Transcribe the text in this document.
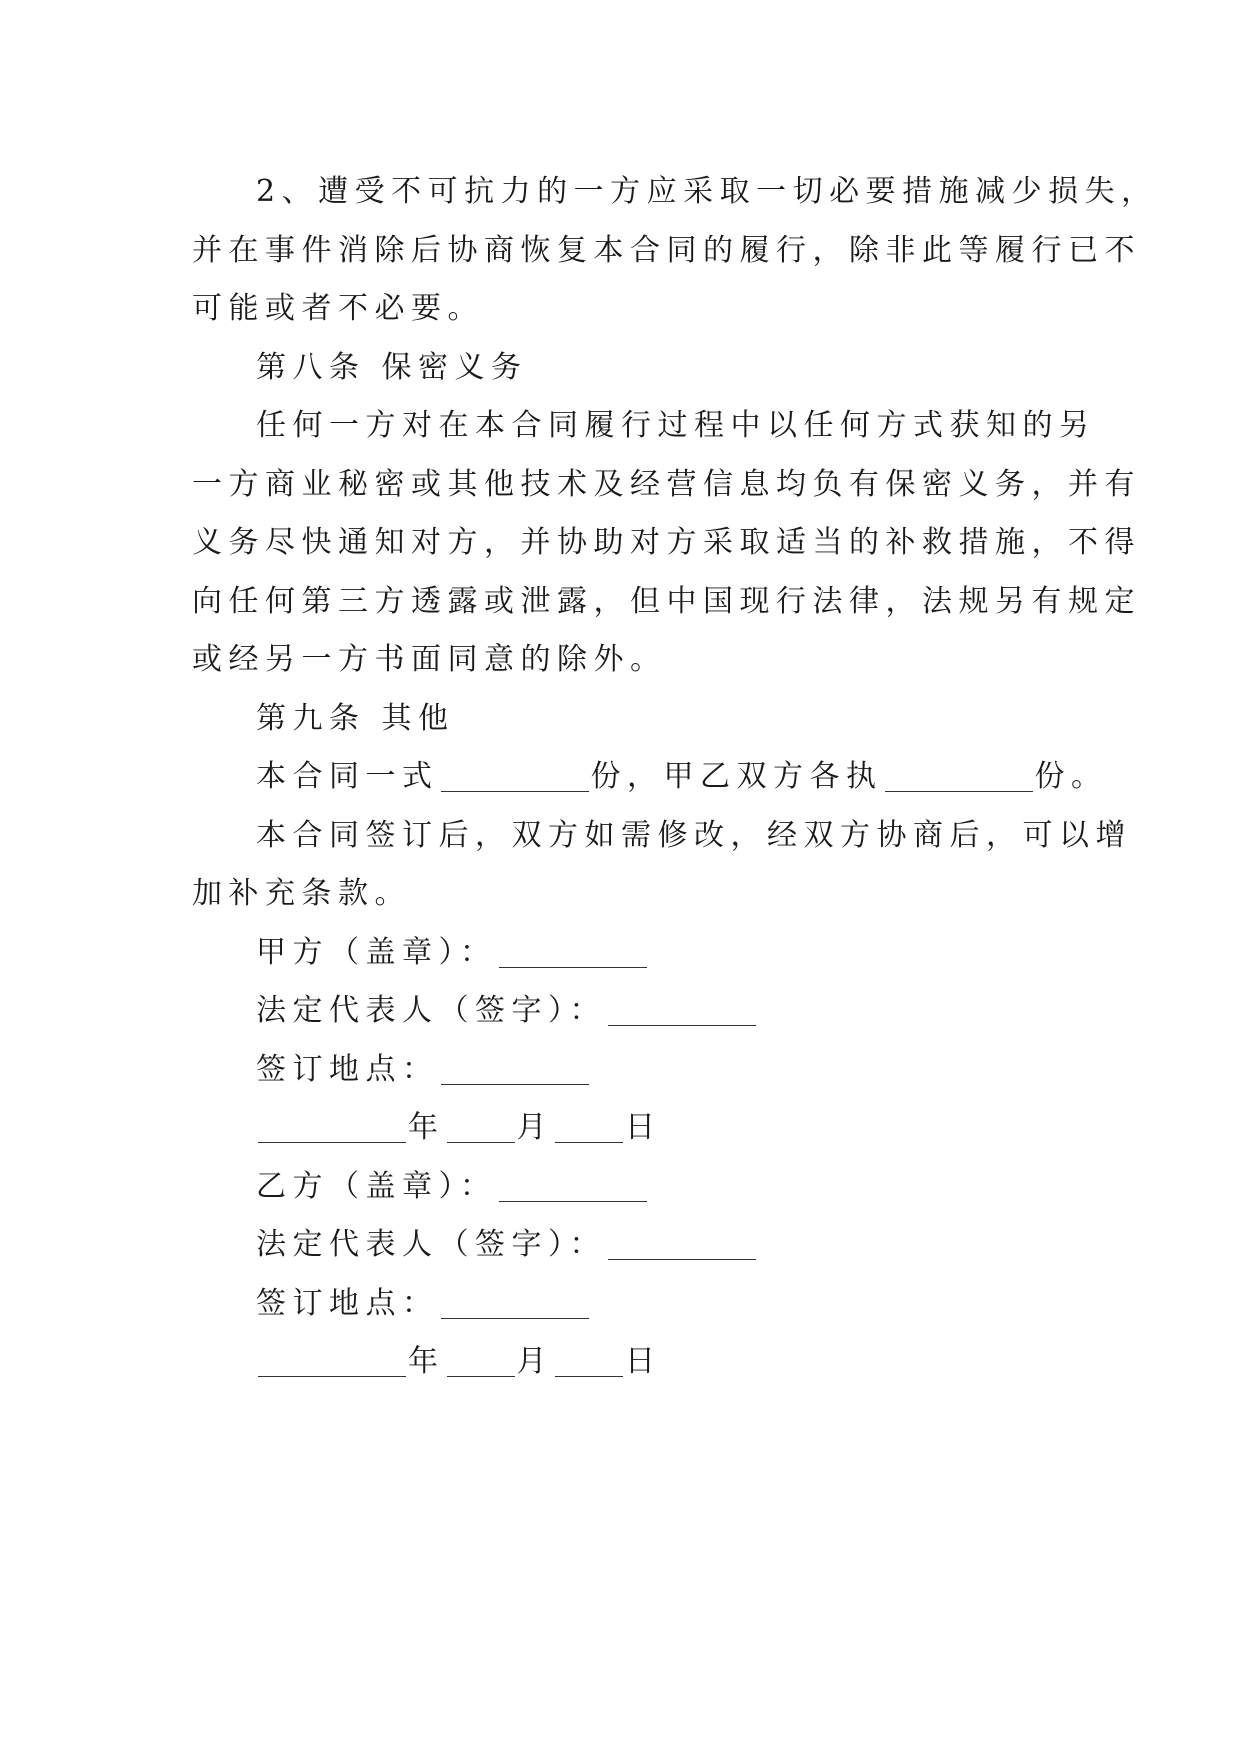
2、遭受不可抗力的一方应采取一切必要措施减少损失，
并在事件消除后协商恢复本合同的履行，除非此等履行已不
可能或者不必要。
第八条 保密义务
任何一方对在本合同履行过程中以任何方式获知的另
一方商业秘密或其他技术及经营信息均负有保密义务，并有
义务尽快通知对方，并协助对方采取适当的补救措施，不得
向任何第三方透露或泄露，但中国现行法律，法规另有规定
或经另一方书面同意的除外。
第九条 其他
本合同一式	份，甲乙双方各执	份。
本合同签订后，双方如需修改，经双方协商后，可以增
加补充条款。
甲方（盖章）：
法定代表人（签字）：
签订地点：
年 月 日
乙方（盖章）：
法定代表人（签字）：
签订地点：
年 月 日
